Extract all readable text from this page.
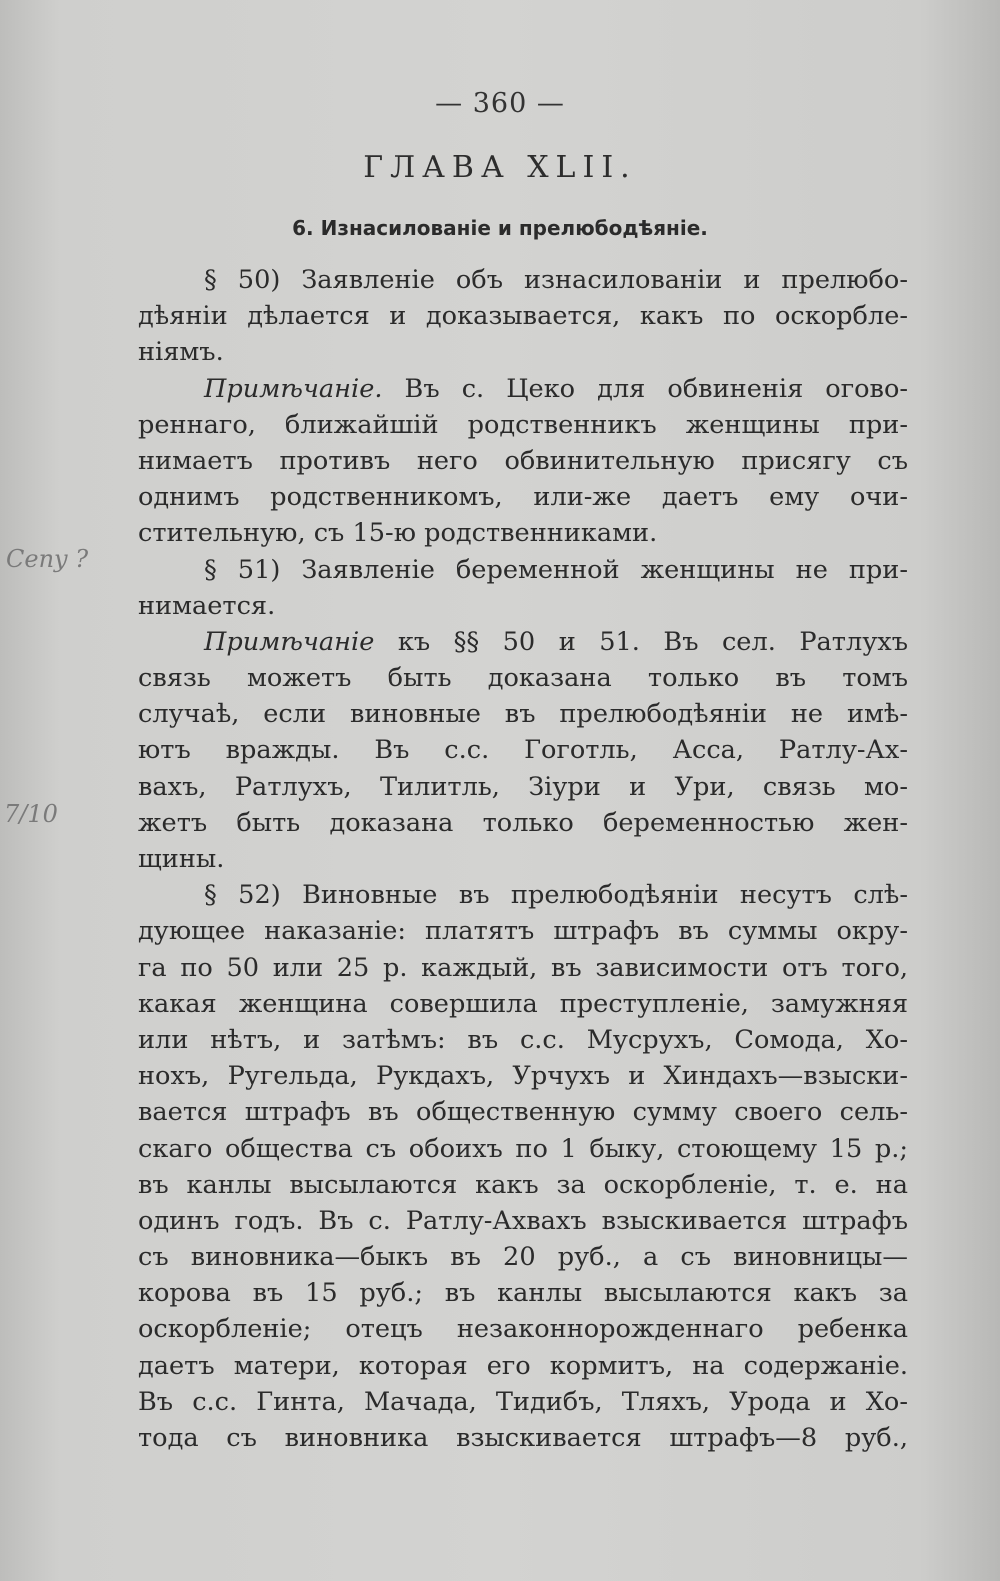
— 360 —
ГЛАВА XLII.
6. Изнасилованіе и прелюбодѣяніе.
Ceny ?
7/10
§ 50) Заявленіе объ изнасилованіи и прелюбо-
дѣяніи дѣлается и доказывается, какъ по оскорбле-
ніямъ.
Примѣчаніе. Въ с. Цеко для обвиненія огово-
реннаго, ближайшій родственникъ женщины при-
нимаетъ противъ него обвинительную присягу съ
однимъ родственникомъ, или-же даетъ ему очи-
стительную, съ 15-ю родственниками.
§ 51) Заявленіе беременной женщины не при-
нимается.
Примѣчаніе къ §§ 50 и 51. Въ сел. Ратлухъ
связь можетъ быть доказана только въ томъ
случаѣ, если виновные въ прелюбодѣяніи не имѣ-
ютъ вражды. Въ с.с. Гоготль, Асса, Ратлу-Ах-
вахъ, Ратлухъ, Тилитль, Зіури и Ури, связь мо-
жетъ быть доказана только беременностью жен-
щины.
§ 52) Виновные въ прелюбодѣяніи несутъ слѣ-
дующее наказаніе: платятъ штрафъ въ суммы окру-
га по 50 или 25 р. каждый, въ зависимости отъ того,
какая женщина совершила преступленіе, замужняя
или нѣтъ, и затѣмъ: въ с.с. Мусрухъ, Сомода, Хо-
нохъ, Ругельда, Рукдахъ, Урчухъ и Хиндахъ—взыски-
вается штрафъ въ общественную сумму своего сель-
скаго общества съ обоихъ по 1 быку, стоющему 15 р.;
въ канлы высылаются какъ за оскорбленіе, т. е. на
одинъ годъ. Въ с. Ратлу-Ахвахъ взыскивается штрафъ
съ виновника—быкъ въ 20 руб., а съ виновницы—
корова въ 15 руб.; въ канлы высылаются какъ за
оскорбленіе; отецъ незаконнорожденнаго ребенка
даетъ матери, которая его кормитъ, на содержаніе.
Въ с.с. Гинта, Мачада, Тидибъ, Тляхъ, Урода и Хо-
тода съ виновника взыскивается штрафъ—8 руб.,
